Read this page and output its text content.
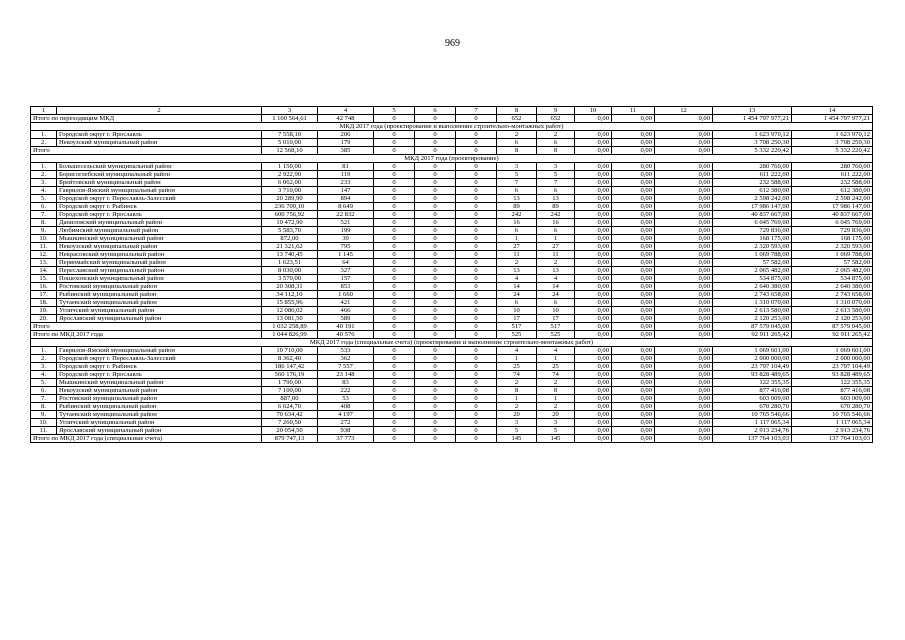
969
1	2	3	4	5	6	7	8	9	10	11	12	13	14
Итого по переходящим МКД		1 100 564,61	42 748	0	0	0	652	652	0,00	0,00	0,00	1 454 797 977,21	1 454 797 977,21
МКД 2017 года (проектирование и выполнение строительно-монтажных работ)													
1.	Городской округ г. Ярославль	7 558,10	206	0	0	0	2	2	0,00	0,00	0,00	1 623 970,12	1 623 970,12
2.	Некоузский муниципальный район	5 010,00	179	0	0	0	6	6	0,00	0,00	0,00	3 708 250,30	3 708 250,30
Итого		12 568,10	385	0	0	0	8	8	0,00	0,00	0,00	5 332 220,42	5 332 220,42
МКД 2017 года (проектирование)													
1.	Большесельский муниципальный район	1 150,00	81	0	0	0	3	3	0,00	0,00	0,00	280 760,00	280 760,00
2.	Борисоглебский муниципальный район	2 922,90	119	0	0	0	5	5	0,00	0,00	0,00	611 222,00	611 222,00
3.	Брейтовский муниципальный район	6 062,00	233	0	0	0	7	7	0,00	0,00	0,00	232 588,00	232 588,00
4.	Гаврилов-Ямский муниципальный район	3 710,00	147	0	0	0	6	6	0,00	0,00	0,00	612 380,00	612 380,00
5.	Городской округ г. Переславль-Залесский	20 289,90	894	0	0	0	13	13	0,00	0,00	0,00	2 598 242,00	2 598 242,00
6.	Городской округ г. Рыбинск	236 709,10	8 649	0	0	0	89	89	0,00	0,00	0,00	17 986 147,00	17 986 147,00
7.	Городской округ г. Ярославль	600 756,92	22 832	0	0	0	242	242	0,00	0,00	0,00	40 837 667,00	40 837 667,00
8.	Даниловский муниципальный район	10 472,90	521	0	0	0	16	16	0,00	0,00	0,00	6 045 769,00	6 045 769,00
9.	Любимский муниципальный район	5 583,70	199	0	0	0	6	6	0,00	0,00	0,00	729 836,00	729 836,00
10.	Мышкинский муниципальный район	872,00	39	0	0	0	1	1	0,00	0,00	0,00	168 175,00	168 175,00
11.	Некоузский муниципальный район	21 321,62	795	0	0	0	27	27	0,00	0,00	0,00	2 320 593,00	2 320 593,00
12.	Некрасовский муниципальный район	13 740,45	1 145	0	0	0	11	11	0,00	0,00	0,00	1 069 788,00	1 069 788,00
13.	Первомайский муниципальный район	1 623,51	64	0	0	0	2	2	0,00	0,00	0,00	57 582,00	57 582,00
14.	Переславский муниципальный район	8 030,00	327	0	0	0	13	13	0,00	0,00	0,00	2 065 482,00	2 065 482,00
15.	Пошехонский муниципальный район	3 570,00	157	0	0	0	4	4	0,00	0,00	0,00	534 875,00	534 875,00
16.	Ростовский муниципальный район	20 308,31	853	0	0	0	14	14	0,00	0,00	0,00	2 640 380,00	2 640 380,00
17.	Рыбинский муниципальный район	34 112,10	1 660	0	0	0	24	24	0,00	0,00	0,00	2 743 658,00	2 743 658,00
18.	Тутаевский муниципальный район	15 855,96	421	0	0	0	6	6	0,00	0,00	0,00	1 310 070,00	1 310 070,00
19.	Угличский муниципальный район	12 086,02	466	0	0	0	10	10	0,00	0,00	0,00	2 613 580,00	2 613 580,00
20.	Ярославский муниципальный район	13 081,50	589	0	0	0	17	17	0,00	0,00	0,00	2 120 253,00	2 120 253,00
Итого		1 032 258,89	40 191	0	0	0	517	517	0,00	0,00	0,00	87 579 045,00	87 579 045,00
Итого по МКД 2017 года		1 044 826,99	40 576	0	0	0	525	525	0,00	0,00	0,00	92 911 265,42	92 911 265,42
МКД 2017 года (специальные счета) (проектирование и выполнение строительно-монтажных работ)													
1.	Гаврилов-Ямский муниципальный район	10 710,00	533	0	0	0	4	4	0,00	0,00	0,00	1 069 601,00	1 069 601,00
2.	Городской округ г. Переславль-Залесский	8 362,40	362	0	0	0	1	1	0,00	0,00	0,00	2 000 000,00	2 000 000,00
3.	Городской округ г. Рыбинск	186 147,42	7 557	0	0	0	25	25	0,00	0,00	0,00	23 797 104,49	23 797 104,49
4.	Городской округ г. Ярославль	560 176,19	23 148	0	0	0	74	74	0,00	0,00	0,00	93 828 489,65	93 828 489,65
5.	Мышкинский муниципальный район	1 790,00	83	0	0	0	2	2	0,00	0,00	0,00	122 355,35	122 355,35
6.	Некоузский муниципальный район	7 100,00	222	0	0	0	8	8	0,00	0,00	0,00	877 416,08	877 416,08
7.	Ростовский муниципальный район	887,00	53	0	0	0	1	1	0,00	0,00	0,00	603 009,00	603 009,00
8.	Рыбинский муниципальный район	6 624,70	408	0	0	0	2	2	0,00	0,00	0,00	670 280,70	670 280,70
9.	Тутаевский муниципальный район	70 634,42	4 197	0	0	0	20	20	0,00	0,00	0,00	10 765 546,66	10 765 546,66
10.	Угличский муниципальный район	7 260,50	272	0	0	0	3	3	0,00	0,00	0,00	1 117 065,34	1 117 065,34
11.	Ярославский муниципальный район	20 054,50	938	0	0	0	5	5	0,00	0,00	0,00	2 913 234,76	2 913 234,76
Итого по МКД 2017 года (специальные счета)		879 747,13	37 773	0	0	0	145	145	0,00	0,00	0,00	137 764 103,03	137 764 103,03
